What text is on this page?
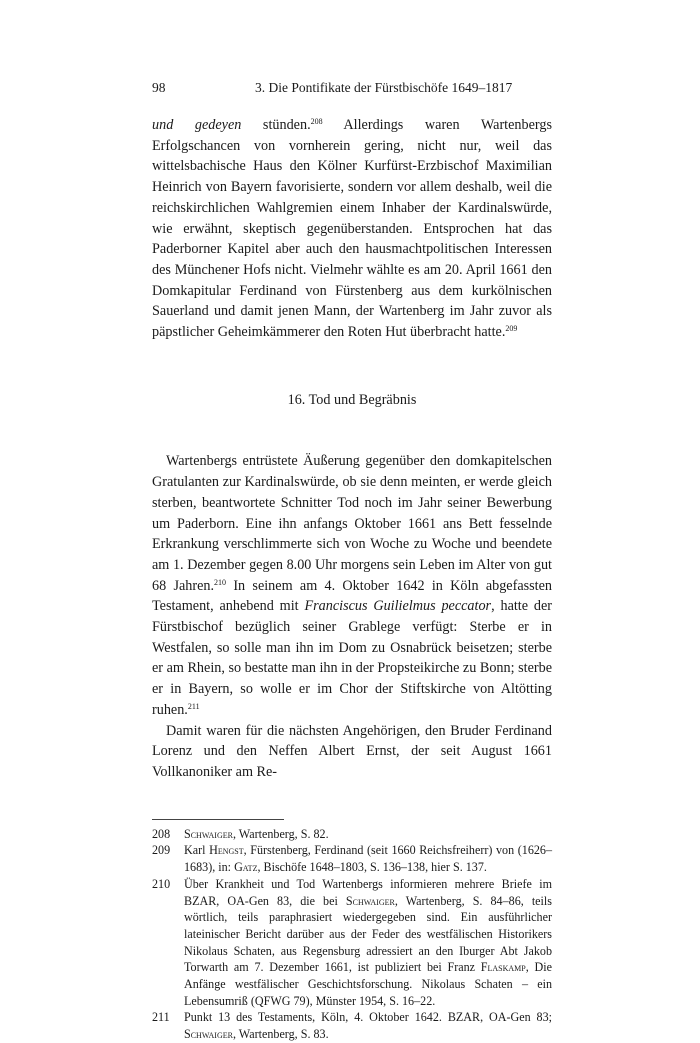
98	3. Die Pontifikate der Fürstbischöfe 1649–1817

und gedeyen stünden.$^{208}$ Allerdings waren Wartenbergs Erfolgschancen von vornherein gering, nicht nur, weil das wittelsbachische Haus den Kölner Kurfürst-Erzbischof Maximilian Heinrich von Bayern favorisierte, sondern vor allem deshalb, weil die reichskirchlichen Wahlgremien einem Inhaber der Kardinalswürde, wie erwähnt, skeptisch gegenüberstanden. Entsprochen hat das Paderborner Kapitel aber auch den hausmachtpolitischen Interessen des Münchener Hofs nicht. Vielmehr wählte es am 20. April 1661 den Domkapitular Ferdinand von Fürstenberg aus dem kurkölnischen Sauerland und damit jenen Mann, der Wartenberg im Jahr zuvor als päpstlicher Geheimkämmerer den Roten Hut überbracht hatte.$^{209}$

16. Tod und Begräbnis

Wartenbergs entrüstete Äußerung gegenüber den domkapitelschen Gratulanten zur Kardinalswürde, ob sie denn meinten, er werde gleich sterben, beantwortete Schnitter Tod noch im Jahr seiner Bewerbung um Paderborn. Eine ihn anfangs Oktober 1661 ans Bett fesselnde Erkrankung verschlimmerte sich von Woche zu Woche und beendete am 1. Dezember gegen 8.00 Uhr morgens sein Leben im Alter von gut 68 Jahren.$^{210}$ In seinem am 4. Oktober 1642 in Köln abgefassten Testament, anhebend mit Franciscus Guilielmus peccator, hatte der Fürstbischof bezüglich seiner Grablege verfügt: Sterbe er in Westfalen, so solle man ihn im Dom zu Osnabrück beisetzen; sterbe er am Rhein, so bestatte man ihn in der Propsteikirche zu Bonn; sterbe er in Bayern, so wolle er im Chor der Stiftskirche von Altötting ruhen.$^{211}$

Damit waren für die nächsten Angehörigen, den Bruder Ferdinand Lorenz und den Neffen Albert Ernst, der seit August 1661 Vollkanoniker am Re-

208 Schwaiger, Wartenberg, S. 82.
209 Karl Hengst, Fürstenberg, Ferdinand (seit 1660 Reichsfreiherr) von (1626–1683), in: Gatz, Bischöfe 1648–1803, S. 136–138, hier S. 137.
210 Über Krankheit und Tod Wartenbergs informieren mehrere Briefe im BZAR, OA-Gen 83, die bei Schwaiger, Wartenberg, S. 84–86, teils wörtlich, teils paraphrasiert wiedergegeben sind. Ein ausführlicher lateinischer Bericht darüber aus der Feder des westfälischen Historikers Nikolaus Schaten, aus Regensburg adressiert an den Iburger Abt Jakob Torwarth am 7. Dezember 1661, ist publiziert bei Franz Flaskamp, Die Anfänge westfälischer Geschichtsforschung. Nikolaus Schaten – ein Lebensumriß (QFWG 79), Münster 1954, S. 16–22.
211 Punkt 13 des Testaments, Köln, 4. Oktober 1642. BZAR, OA-Gen 83; Schwaiger, Wartenberg, S. 83.
